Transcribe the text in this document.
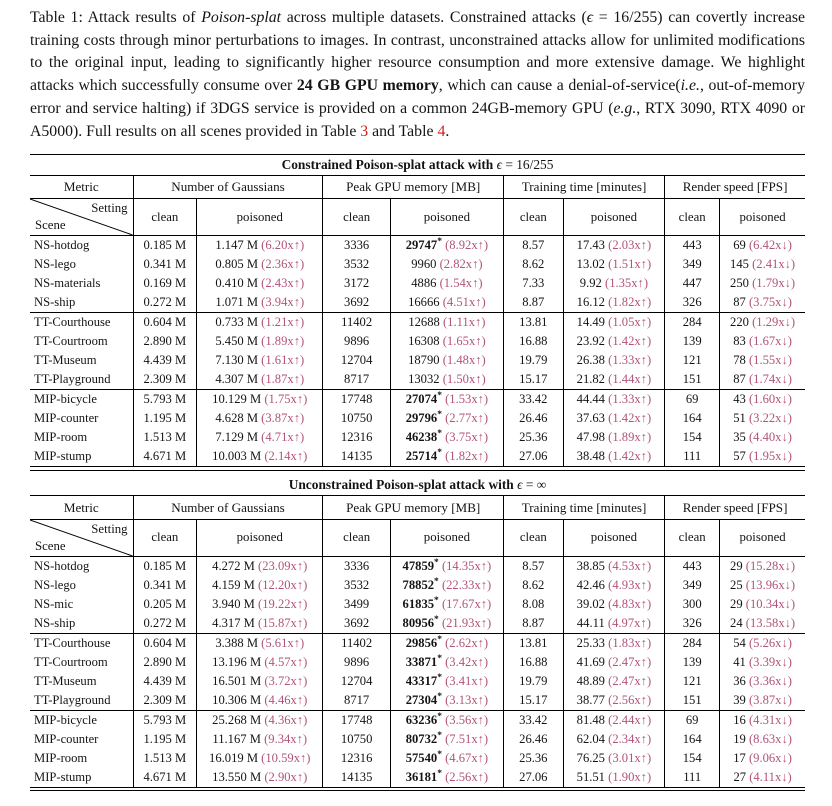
Table 1: Attack results of Poison-splat across multiple datasets. Constrained attacks (ϵ = 16/255) can covertly increase training costs through minor perturbations to images. In contrast, unconstrained attacks allow for unlimited modifications to the original input, leading to significantly higher resource consumption and more extensive damage. We highlight attacks which successfully consume over 24 GB GPU memory, which can cause a denial-of-service(i.e., out-of-memory error and service halting) if 3DGS service is provided on a common 24GB-memory GPU (e.g., RTX 3090, RTX 4090 or A5000). Full results on all scenes provided in Table 3 and Table 4.

Constrained Poison-splat attack with ϵ = 16/255								
Metric	Number of Gaussians		Peak GPU memory [MB]		Training time [minutes]		Render speed [FPS]	

Setting
Scene	clean	poisoned	clean	poisoned	clean	poisoned	clean	poisoned
NS-hotdog	0.185 M	1.147 M (6.20x↑)	3336	29747* (8.92x↑)	8.57	17.43 (2.03x↑)	443	69 (6.42x↓)
NS-lego	0.341 M	0.805 M (2.36x↑)	3532	9960 (2.82x↑)	8.62	13.02 (1.51x↑)	349	145 (2.41x↓)
NS-materials	0.169 M	0.410 M (2.43x↑)	3172	4886 (1.54x↑)	7.33	9.92 (1.35x↑)	447	250 (1.79x↓)
NS-ship	0.272 M	1.071 M (3.94x↑)	3692	16666 (4.51x↑)	8.87	16.12 (1.82x↑)	326	87 (3.75x↓)
TT-Courthouse	0.604 M	0.733 M (1.21x↑)	11402	12688 (1.11x↑)	13.81	14.49 (1.05x↑)	284	220 (1.29x↓)
TT-Courtroom	2.890 M	5.450 M (1.89x↑)	9896	16308 (1.65x↑)	16.88	23.92 (1.42x↑)	139	83 (1.67x↓)
TT-Museum	4.439 M	7.130 M (1.61x↑)	12704	18790 (1.48x↑)	19.79	26.38 (1.33x↑)	121	78 (1.55x↓)
TT-Playground	2.309 M	4.307 M (1.87x↑)	8717	13032 (1.50x↑)	15.17	21.82 (1.44x↑)	151	87 (1.74x↓)
MIP-bicycle	5.793 M	10.129 M (1.75x↑)	17748	27074* (1.53x↑)	33.42	44.44 (1.33x↑)	69	43 (1.60x↓)
MIP-counter	1.195 M	4.628 M (3.87x↑)	10750	29796* (2.77x↑)	26.46	37.63 (1.42x↑)	164	51 (3.22x↓)
MIP-room	1.513 M	7.129 M (4.71x↑)	12316	46238* (3.75x↑)	25.36	47.98 (1.89x↑)	154	35 (4.40x↓)
MIP-stump	4.671 M	10.003 M (2.14x↑)	14135	25714* (1.82x↑)	27.06	38.48 (1.42x↑)	111	57 (1.95x↓)
Unconstrained Poison-splat attack with ϵ = ∞								
Metric	Number of Gaussians		Peak GPU memory [MB]		Training time [minutes]		Render speed [FPS]	

Setting
Scene	clean	poisoned	clean	poisoned	clean	poisoned	clean	poisoned
NS-hotdog	0.185 M	4.272 M (23.09x↑)	3336	47859* (14.35x↑)	8.57	38.85 (4.53x↑)	443	29 (15.28x↓)
NS-lego	0.341 M	4.159 M (12.20x↑)	3532	78852* (22.33x↑)	8.62	42.46 (4.93x↑)	349	25 (13.96x↓)
NS-mic	0.205 M	3.940 M (19.22x↑)	3499	61835* (17.67x↑)	8.08	39.02 (4.83x↑)	300	29 (10.34x↓)
NS-ship	0.272 M	4.317 M (15.87x↑)	3692	80956* (21.93x↑)	8.87	44.11 (4.97x↑)	326	24 (13.58x↓)
TT-Courthouse	0.604 M	3.388 M (5.61x↑)	11402	29856* (2.62x↑)	13.81	25.33 (1.83x↑)	284	54 (5.26x↓)
TT-Courtroom	2.890 M	13.196 M (4.57x↑)	9896	33871* (3.42x↑)	16.88	41.69 (2.47x↑)	139	41 (3.39x↓)
TT-Museum	4.439 M	16.501 M (3.72x↑)	12704	43317* (3.41x↑)	19.79	48.89 (2.47x↑)	121	36 (3.36x↓)
TT-Playground	2.309 M	10.306 M (4.46x↑)	8717	27304* (3.13x↑)	15.17	38.77 (2.56x↑)	151	39 (3.87x↓)
MIP-bicycle	5.793 M	25.268 M (4.36x↑)	17748	63236* (3.56x↑)	33.42	81.48 (2.44x↑)	69	16 (4.31x↓)
MIP-counter	1.195 M	11.167 M (9.34x↑)	10750	80732* (7.51x↑)	26.46	62.04 (2.34x↑)	164	19 (8.63x↓)
MIP-room	1.513 M	16.019 M (10.59x↑)	12316	57540* (4.67x↑)	25.36	76.25 (3.01x↑)	154	17 (9.06x↓)
MIP-stump	4.671 M	13.550 M (2.90x↑)	14135	36181* (2.56x↑)	27.06	51.51 (1.90x↑)	111	27 (4.11x↓)
